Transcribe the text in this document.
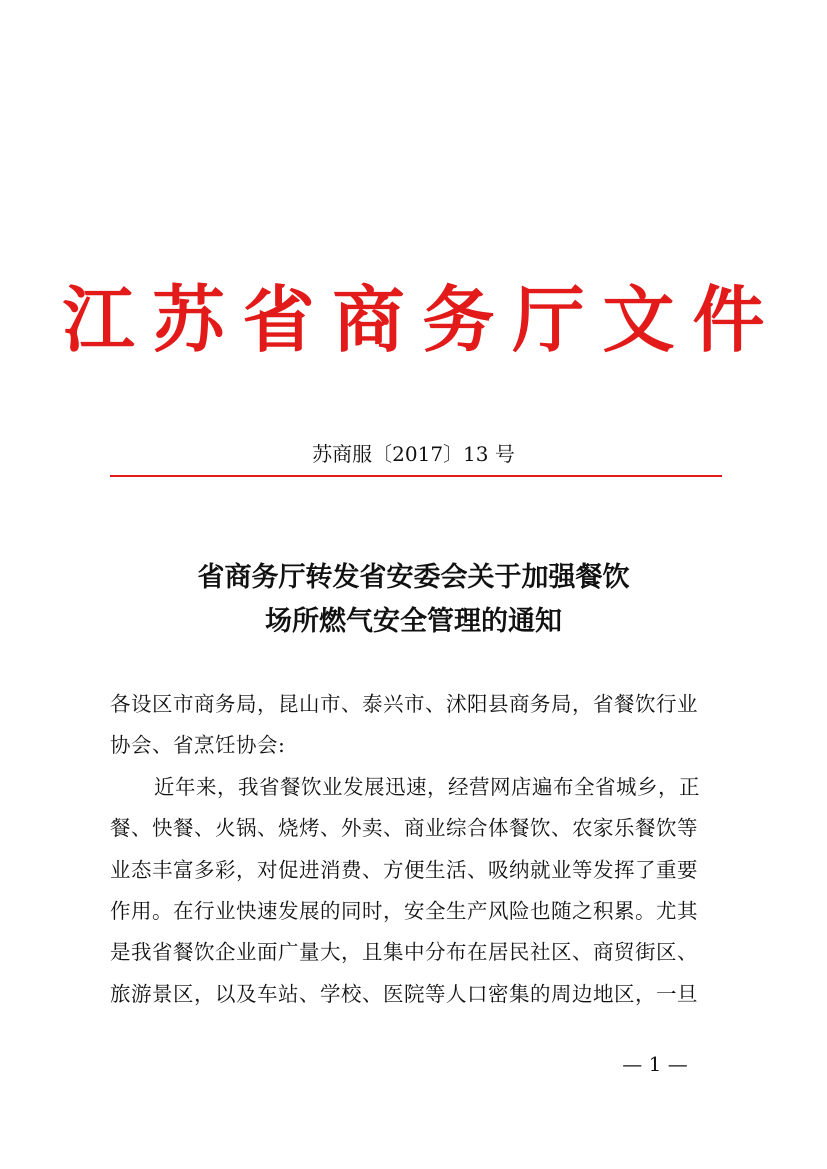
江苏省商务厅文件
苏商服〔2017〕13 号
省商务厅转发省安委会关于加强餐饮
场所燃气安全管理的通知
各设区市商务局，昆山市、泰兴市、沭阳县商务局，省餐饮行业
协会、省烹饪协会:
近年来，我省餐饮业发展迅速，经营网店遍布全省城乡，正
餐、快餐、火锅、烧烤、外卖、商业综合体餐饮、农家乐餐饮等
业态丰富多彩，对促进消费、方便生活、吸纳就业等发挥了重要
作用。在行业快速发展的同时，安全生产风险也随之积累。尤其
是我省餐饮企业面广量大，且集中分布在居民社区、商贸街区、
旅游景区，以及车站、学校、医院等人口密集的周边地区，一旦
— 1 —
